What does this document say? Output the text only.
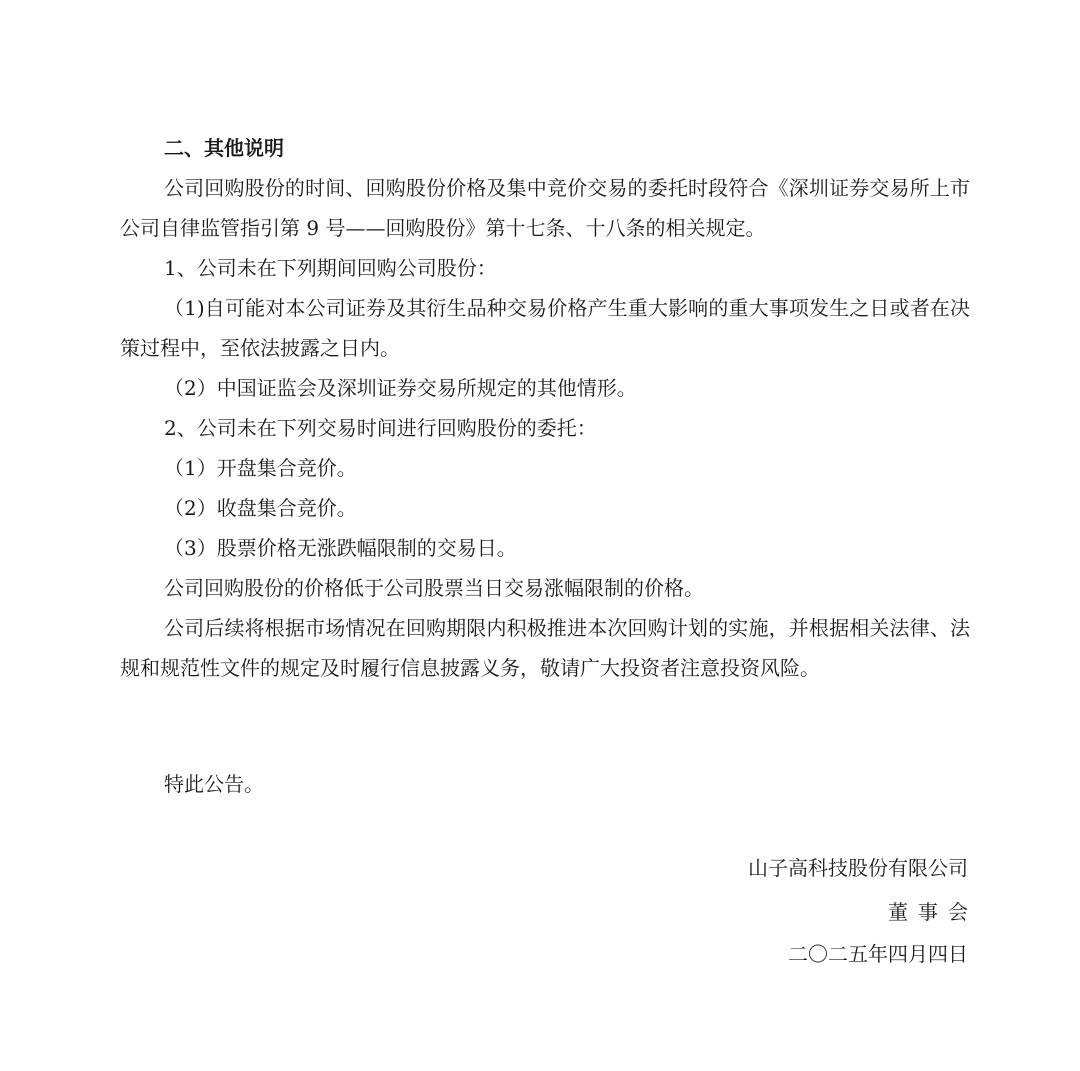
二、其他说明

公司回购股份的时间、回购股份价格及集中竞价交易的委托时段符合《深圳证券交易所上市公司自律监管指引第 9 号——回购股份》第十七条、十八条的相关规定。

1、公司未在下列期间回购公司股份：

（1)自可能对本公司证券及其衍生品种交易价格产生重大影响的重大事项发生之日或者在决策过程中，至依法披露之日内。

（2）中国证监会及深圳证券交易所规定的其他情形。

2、公司未在下列交易时间进行回购股份的委托：

（1）开盘集合竞价。

（2）收盘集合竞价。

（3）股票价格无涨跌幅限制的交易日。

公司回购股份的价格低于公司股票当日交易涨幅限制的价格。

公司后续将根据市场情况在回购期限内积极推进本次回购计划的实施，并根据相关法律、法规和规范性文件的规定及时履行信息披露义务，敬请广大投资者注意投资风险。

特此公告。
山子高科技股份有限公司
董事会
二〇二五年四月四日
